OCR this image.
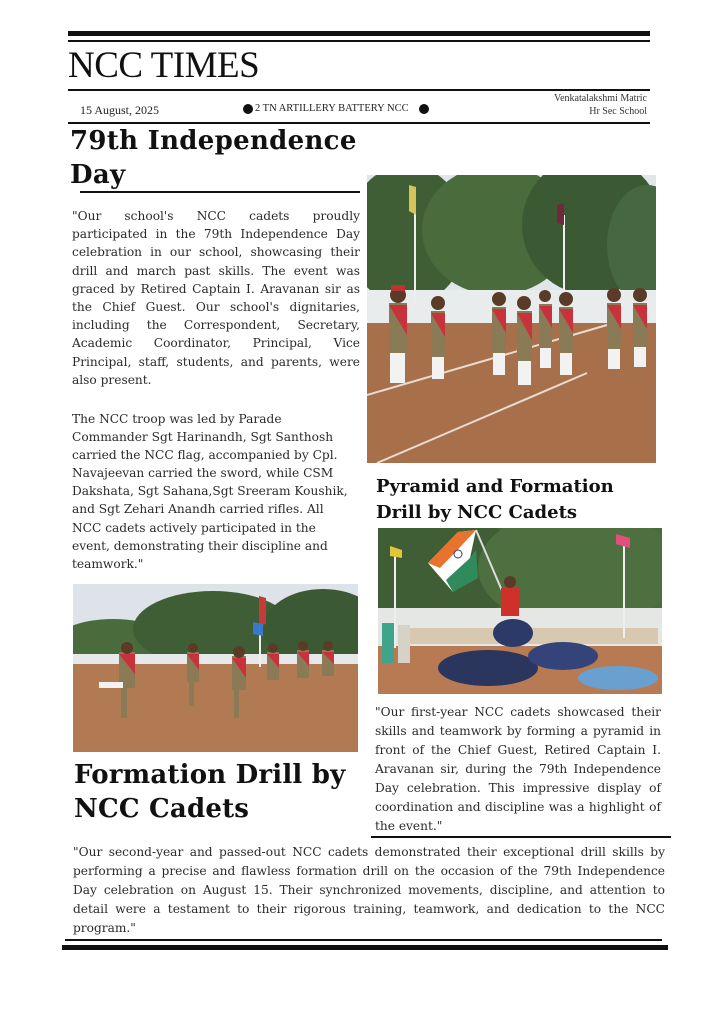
NCC TIMES
15 August, 2025	2 TN ARTILLERY BATTERY NCC
Venkatalakshmi Matric
Hr Sec School
79th Independence
Day
"Our school's NCC cadets proudly participated in the 79th Independence Day celebration in our school, showcasing their drill and march past skills. The event was graced by Retired Captain I. Aravanan sir as the Chief Guest. Our school's dignitaries, including the Correspondent, Secretary, Academic Coordinator, Principal, Vice Principal, staff, students, and parents, were also present.
The NCC troop was led by Parade
Commander Sgt Harinandh, Sgt Santhosh
carried the NCC flag, accompanied by Cpl.
Navajeevan carried the sword, while CSM
Dakshata, Sgt Sahana,Sgt Sreeram Koushik,
and Sgt Zehari Anandh carried rifles. All
NCC cadets actively participated in the
event, demonstrating their discipline and
teamwork."
Pyramid and Formation
Drill by NCC Cadets
"Our first-year NCC cadets showcased their skills and teamwork by forming a pyramid in front of the Chief Guest, Retired Captain I. Aravanan sir, during the 79th Independence Day celebration. This impressive display of coordination and discipline was a highlight of the event."
Formation Drill by
NCC Cadets
"Our second-year and passed-out NCC cadets demonstrated their exceptional drill skills by performing a precise and flawless formation drill on the occasion of the 79th Independence Day celebration on August 15. Their synchronized movements, discipline, and attention to detail were a testament to their rigorous training, teamwork, and dedication to the NCC program."
